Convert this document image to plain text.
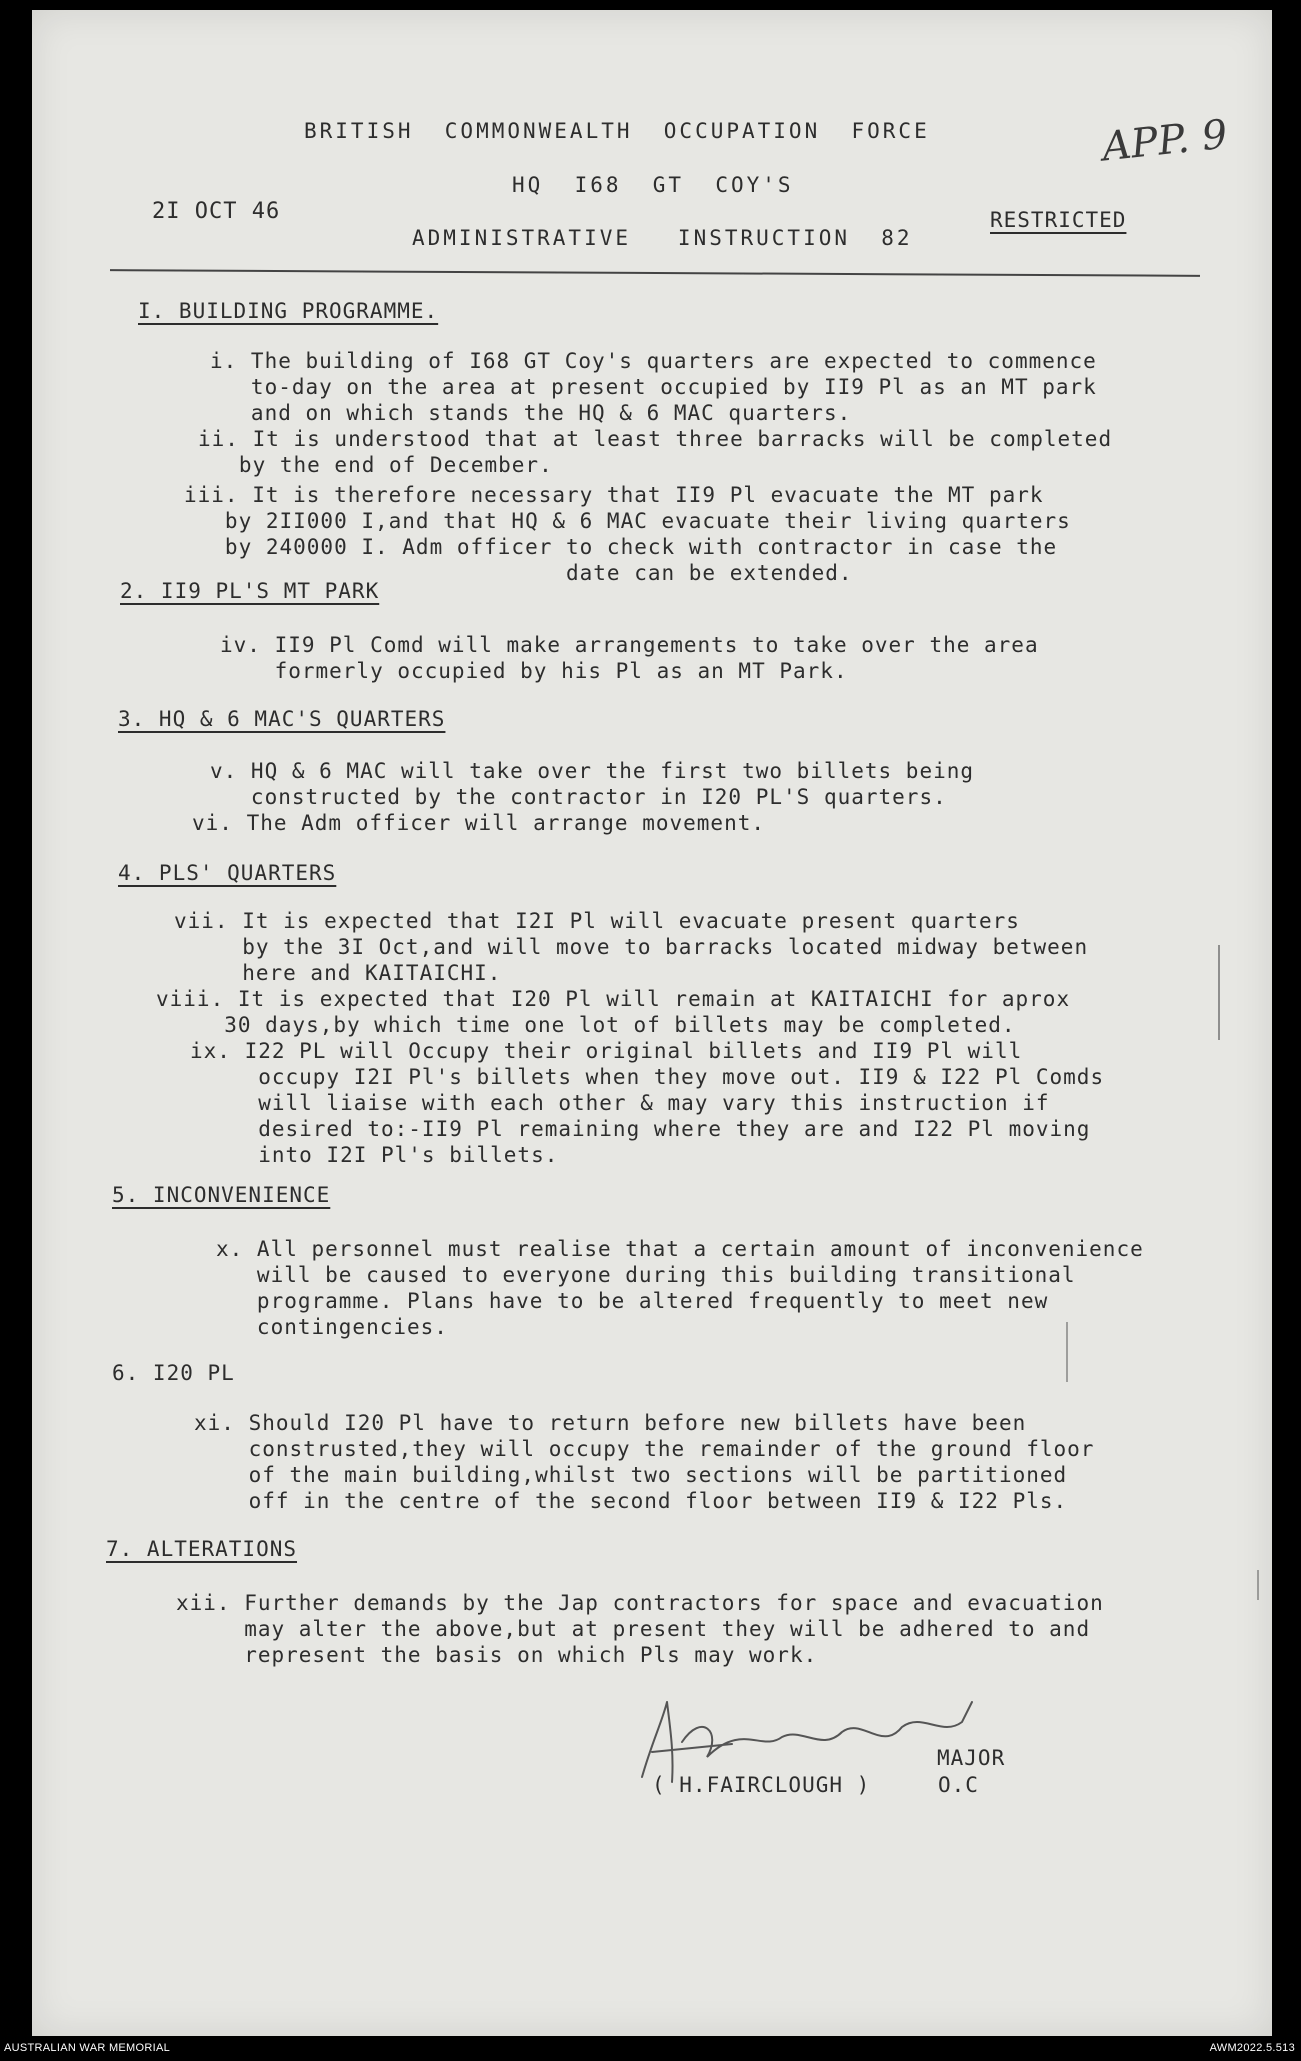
BRITISH  COMMONWEALTH  OCCUPATION  FORCE
HQ  I68  GT  COY'S
2I OCT 46
ADMINISTRATIVE   INSTRUCTION  82
RESTRICTED
APP. 9
I. BUILDING PROGRAMME.
i. The building of I68 GT Coy's quarters are expected to commence
to-day on the area at present occupied by II9 Pl as an MT park
and on which stands the HQ & 6 MAC quarters.
ii. It is understood that at least three barracks will be completed
by the end of December.
iii. It is therefore necessary that II9 Pl evacuate the MT park
by 2II000 I,and that HQ & 6 MAC evacuate their living quarters
by 240000 I. Adm officer to check with contractor in case the
date can be extended.
2. II9 PL'S MT PARK
iv. II9 Pl Comd will make arrangements to take over the area
formerly occupied by his Pl as an MT Park.
3. HQ & 6 MAC'S QUARTERS
v. HQ & 6 MAC will take over the first two billets being
constructed by the contractor in I20 PL'S quarters.
vi. The Adm officer will arrange movement.
4. PLS' QUARTERS
vii. It is expected that I2I Pl will evacuate present quarters
by the 3I Oct,and will move to barracks located midway between
here and KAITAICHI.
viii. It is expected that I20 Pl will remain at KAITAICHI for aprox
30 days,by which time one lot of billets may be completed.
ix. I22 PL will Occupy their original billets and II9 Pl will
occupy I2I Pl's billets when they move out. II9 & I22 Pl Comds
will liaise with each other & may vary this instruction if
desired to:-II9 Pl remaining where they are and I22 Pl moving
into I2I Pl's billets.
5. INCONVENIENCE
x. All personnel must realise that a certain amount of inconvenience
will be caused to everyone during this building transitional
programme. Plans have to be altered frequently to meet new
contingencies.
6. I20 PL
xi. Should I20 Pl have to return before new billets have been
construsted,they will occupy the remainder of the ground floor
of the main building,whilst two sections will be partitioned
off in the centre of the second floor between II9 & I22 Pls.
7. ALTERATIONS
xii. Further demands by the Jap contractors for space and evacuation
may alter the above,but at present they will be adhered to and
represent the basis on which Pls may work.
MAJOR
( H.FAIRCLOUGH )	O.C
AUSTRALIAN WAR MEMORIAL	AWM2022.5.513
